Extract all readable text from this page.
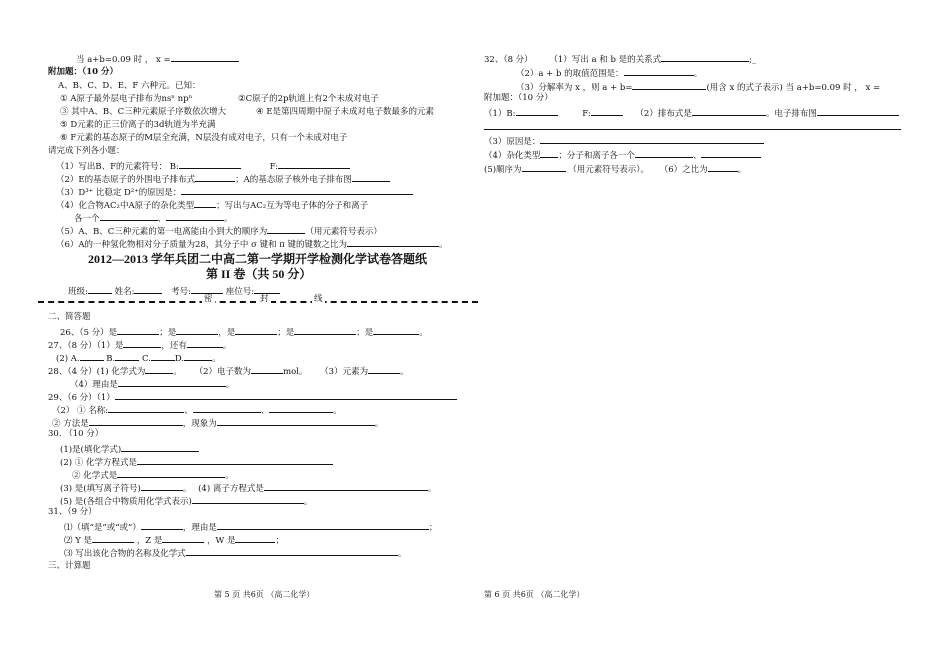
当 a+b=0.09 时 ， x =
附加题：（10 分）
A、B、C、D、E、F 六种元。已知：
① A原子最外层电子排布为nsⁿ npⁿ	②C原子的2p轨道上有2个未成对电子
③ 其中A、B、C三种元素原子序数依次增大	④ E是第四周期中原子未成对电子数最多的元素
⑤ D元素的正三价离子的3d轨道为半充满
⑥ F元素的基态原子的M层全充满，N层没有成对电子，只有一个未成对电子
请完成下列各小题：
（1）写出B、F的元素符号： B:	F:
（2）E的基态原子的外围电子排布式	；A的基态原子核外电子排布图
（3）D³⁺ 比稳定 D²⁺的原因是：
（4）化合物AC₂中A原子的杂化类型	；写出与AC₂互为等电子体的分子和离子
各一个	、	。
（5）A、B、C三种元素的第一电离能由小到大的顺序为	（用元素符号表示）
（6）A的一种氢化物相对分子质量为28，其分子中 σ 键和 π 键的键数之比为	。
2012—2013 学年兵团二中高二第一学期开学检测化学试卷答题纸
第 II 卷（共 50 分）
班级:	姓名:	考号:	座位号:
密	封	线
二、简答题
26、（5 分）是	；是	，是	；是	；是	。
27、（8 分）（1）是	，还有	。
(2) A.	B.	C.	D.	。
28、（4 分）(1) 化学式为	。 （2）电子数为	mol。 （3）元素为	。
（4）理由是	。
29、（6 分）（1）
（2） ① 名称:	、	、	。
② 方法是	，现象为	。
30. （10 分）
(1)是(填化学式)
(2) ① 化学方程式是
② 化学式是	。
(3) 是(填写离子符号)	。 (4) 离子方程式是	。
(5) 是(各组合中物质用化学式表示)	。
31、（9 分）
⑴（填“是”或“或”）	，理由是	；
⑵ Y 是	，Z 是	，W 是	；
⑶ 写出该化合物的名称及化学式	。
三、计算题
第 5 页 共6页 （高二化学）
32、（8 分） （1）写出 a 和 b 是的关系式	;_
（2）a + b 的取值范围是：	。
（3）分解率为 x ，则 a + b=	(用含 x 的式子表示) 当 a+b=0.09 时 ， x =
附加题：（10 分）
（1）B:	F:	（2）排布式是	。电子排布图
（3）原因是：
（4）杂化类型 ；分子和离子各一个	、
(5)顺序为	（用元素符号表示）。 （6）之比为	。
第 6 页 共6页 （高二化学）
